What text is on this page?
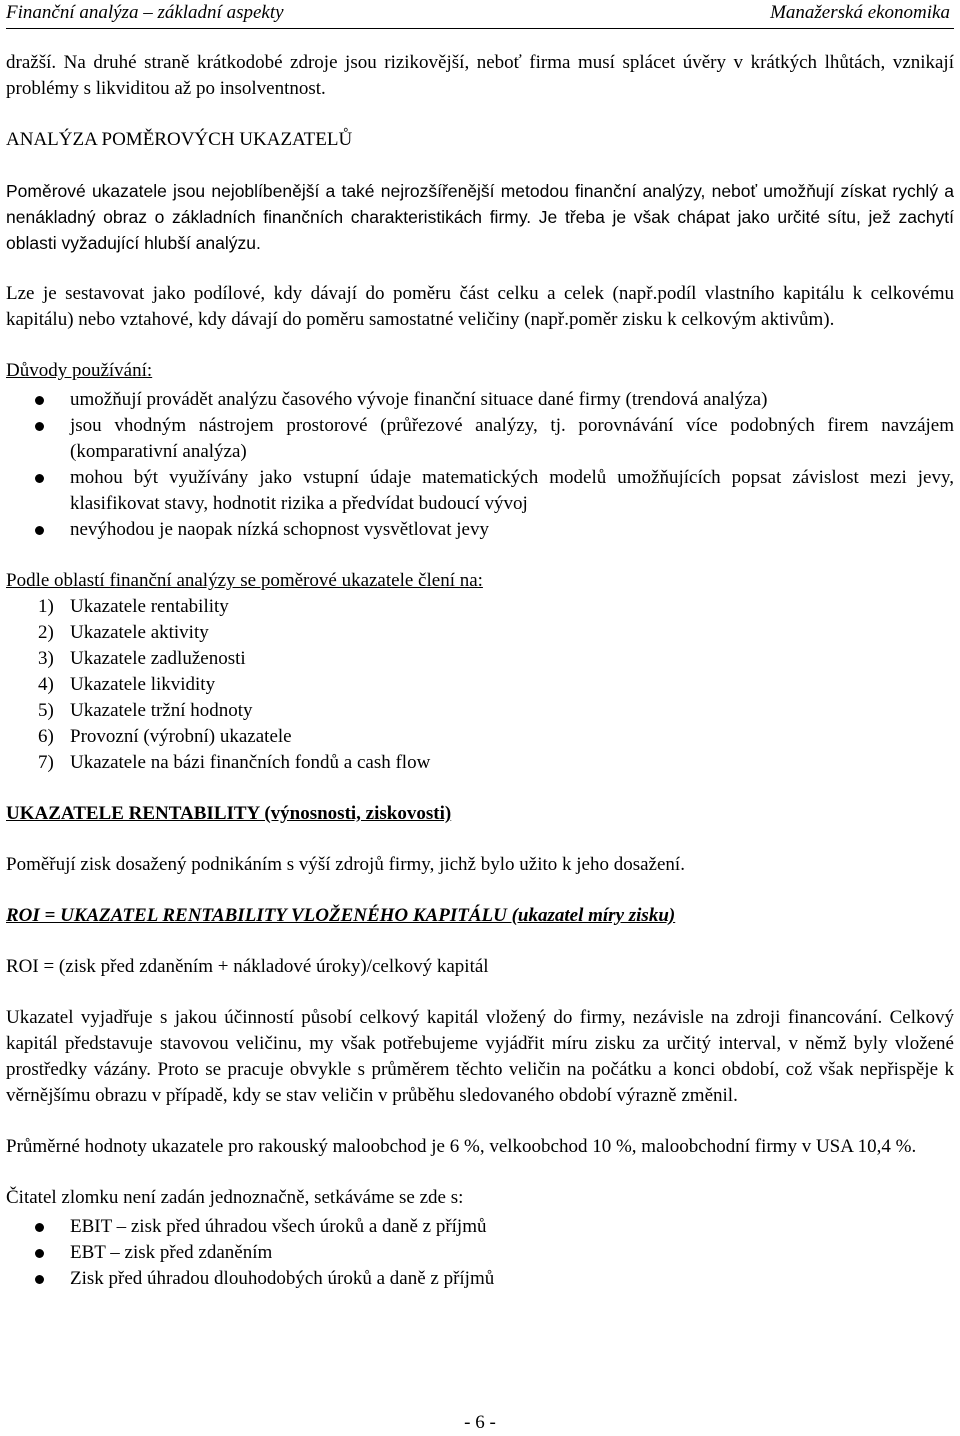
Finanční analýza – základní aspekty	Manažerská ekonomika

dražší. Na druhé straně krátkodobé zdroje jsou rizikovější, neboť firma musí splácet úvěry v krátkých lhůtách, vznikají problémy s likviditou až po insolventnost.

ANALÝZA POMĚROVÝCH UKAZATELŮ

Poměrové ukazatele jsou nejoblíbenější a také nejrozšířenější metodou finanční analýzy, neboť umožňují získat rychlý a nenákladný obraz o základních finančních charakteristikách firmy. Je třeba je však chápat jako určité sítu, jež zachytí oblasti vyžadující hlubší analýzu.

Lze je sestavovat jako podílové, kdy dávají do poměru část celku a celek (např.podíl vlastního kapitálu k celkovému kapitálu) nebo vztahové, kdy dávají do poměru samostatné veličiny (např.poměr zisku k celkovým aktivům).

Důvody používání:

umožňují provádět analýzu časového vývoje finanční situace dané firmy (trendová analýza)
jsou vhodným nástrojem prostorové (průřezové analýzy, tj. porovnávání více podobných firem navzájem (komparativní analýza)
mohou být využívány jako vstupní údaje matematických modelů umožňujících popsat závislost mezi jevy, klasifikovat stavy, hodnotit rizika a předvídat budoucí vývoj
nevýhodou je naopak nízká schopnost vysvětlovat jevy

Podle oblastí finanční analýzy se poměrové ukazatele člení na:

1) Ukazatele rentability
2) Ukazatele aktivity
3) Ukazatele zadluženosti
4) Ukazatele likvidity
5) Ukazatele tržní hodnoty
6) Provozní (výrobní) ukazatele
7) Ukazatele na bázi finančních fondů a cash flow

UKAZATELE RENTABILITY (výnosnosti, ziskovosti)

Poměřují zisk dosažený podnikáním s výší zdrojů firmy, jichž bylo užito k jeho dosažení.

ROI = UKAZATEL RENTABILITY VLOŽENÉHO KAPITÁLU (ukazatel míry zisku)

ROI = (zisk před zdaněním + nákladové úroky)/celkový kapitál

Ukazatel vyjadřuje s jakou účinností působí celkový kapitál vložený do firmy, nezávisle na zdroji financování. Celkový kapitál představuje stavovou veličinu, my však potřebujeme vyjádřit míru zisku za určitý interval, v němž byly vložené prostředky vázány. Proto se pracuje obvykle s průměrem těchto veličin na počátku a konci období, což však nepřispěje k věrnějšímu obrazu v případě, kdy se stav veličin v průběhu sledovaného období výrazně změnil.

Průměrné hodnoty ukazatele pro rakouský maloobchod je 6 %, velkoobchod 10 %, maloobchodní firmy v USA 10,4 %.

Čitatel zlomku není zadán jednoznačně, setkáváme se zde s:

EBIT – zisk před úhradou všech úroků a daně z příjmů
EBT – zisk před zdaněním
Zisk před úhradou dlouhodobých úroků a daně z příjmů
- 6 -
